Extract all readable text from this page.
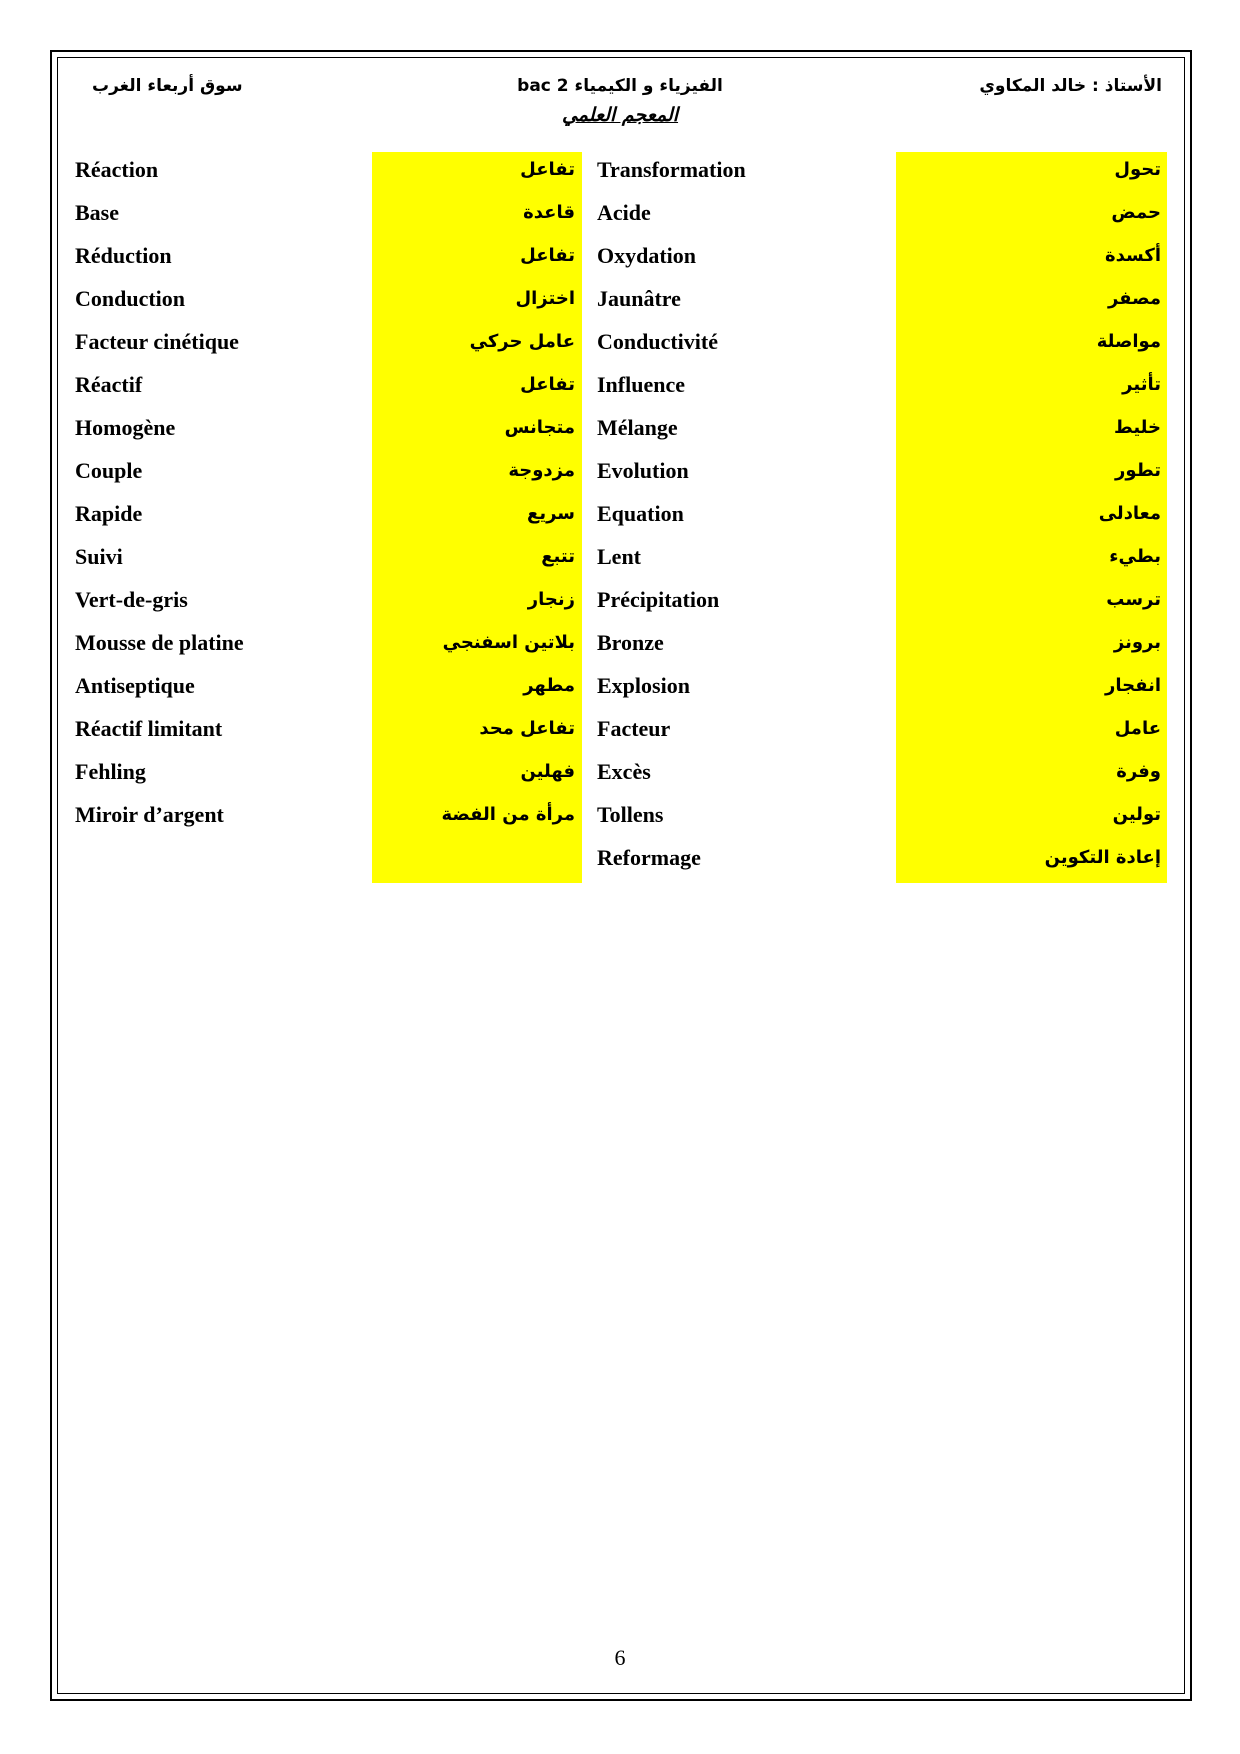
سوق أربعاء الغرب	الفيزياء و الكيمياء 2 bac	الأستاذ : خالد المكاوي
المعجم العلمي
Réaction	تفاعل Transformation	تحول
Base	قاعدة Acide	حمض
Réduction	تفاعل Oxydation	أكسدة
Conduction	اختزال Jaunâtre	مصفر
Facteur cinétique	عامل حركي Conductivité	مواصلة
Réactif	تفاعل Influence	تأثير
Homogène	متجانس Mélange	خليط
Couple	مزدوجة Evolution	تطور
Rapide	سريع Equation	معادلى
Suivi	تتبع Lent	بطيء
Vert-de-gris	زنجار Précipitation	ترسب
Mousse de platine	بلاتين اسفنجي Bronze	برونز
Antiseptique	مطهر Explosion	انفجار
Réactif limitant	تفاعل محد Facteur	عامل
Fehling	فهلين Excès	وفرة
Miroir d’argent	مرأة من الفضة Tollens	تولين
Reformage	إعادة التكوين
6
